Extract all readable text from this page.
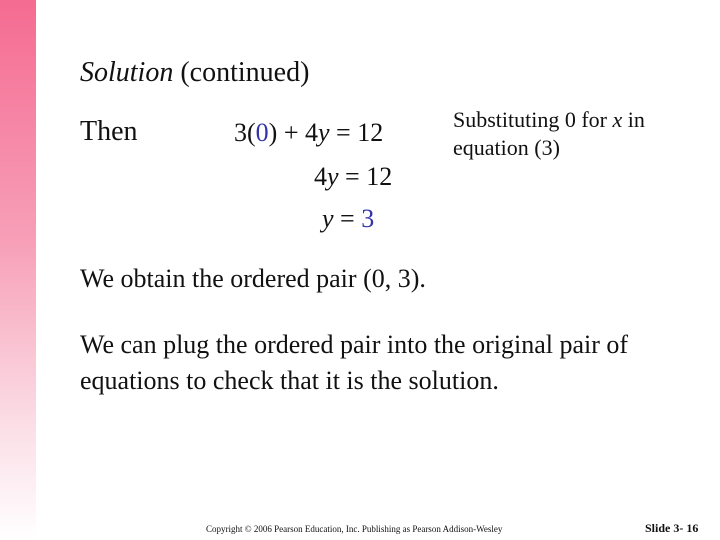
Solution (continued)
Then	3(0) + 4y = 12
4y = 12
y = 3
Substituting 0 for x in equation (3)
We obtain the ordered pair (0, 3).
We can plug the ordered pair into the original pair of equations to check that it is the solution.
Copyright © 2006 Pearson Education, Inc. Publishing as Pearson Addison-Wesley	Slide 3- 16
